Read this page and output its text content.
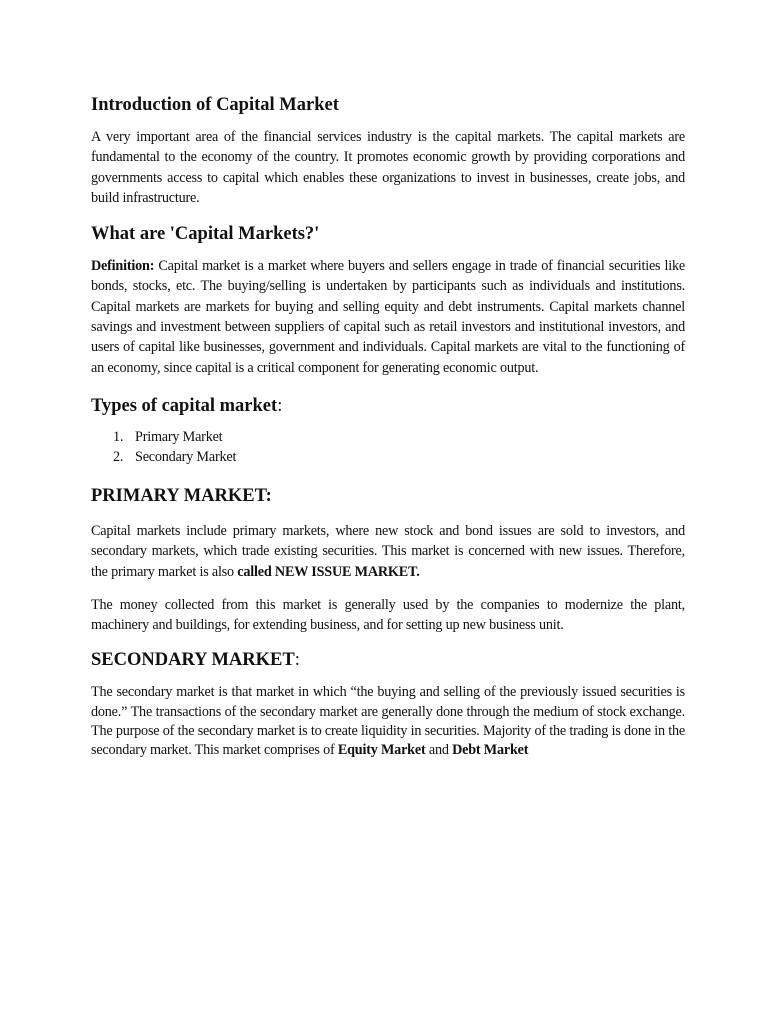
Introduction of Capital Market

A very important area of the financial services industry is the capital markets. The capital markets are fundamental to the economy of the country. It promotes economic growth by providing corporations and governments access to capital which enables these organizations to invest in businesses, create jobs, and build infrastructure.

What are 'Capital Markets?'

Definition: Capital market is a market where buyers and sellers engage in trade of financial securities like bonds, stocks, etc. The buying/selling is undertaken by participants such as individuals and institutions. Capital markets are markets for buying and selling equity and debt instruments. Capital markets channel savings and investment between suppliers of capital such as retail investors and institutional investors, and users of capital like businesses, government and individuals. Capital markets are vital to the functioning of an economy, since capital is a critical component for generating economic output.

Types of capital market:
1. Primary Market
2. Secondary Market
PRIMARY MARKET:

Capital markets include primary markets, where new stock and bond issues are sold to investors, and secondary markets, which trade existing securities. This market is concerned with new issues. Therefore, the primary market is also called NEW ISSUE MARKET.

The money collected from this market is generally used by the companies to modernize the plant, machinery and buildings, for extending business, and for setting up new business unit.

SECONDARY MARKET:

The secondary market is that market in which “the buying and selling of the previously issued securities is done.” The transactions of the secondary market are generally done through the medium of stock exchange. The purpose of the secondary market is to create liquidity in securities. Majority of the trading is done in the secondary market. This market comprises of Equity Market and Debt Market
